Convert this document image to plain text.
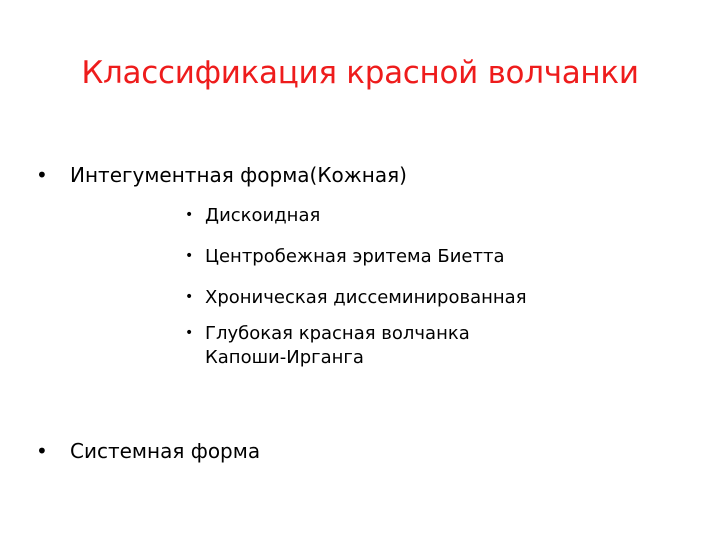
Классификация красной волчанки
•	Интегументная форма(Кожная)
• Дискоидная
• Центробежная эритема Биетта
• Хроническая диссеминированная
• Глубокая красная волчанка Капоши-Ирганга
•	Системная форма
